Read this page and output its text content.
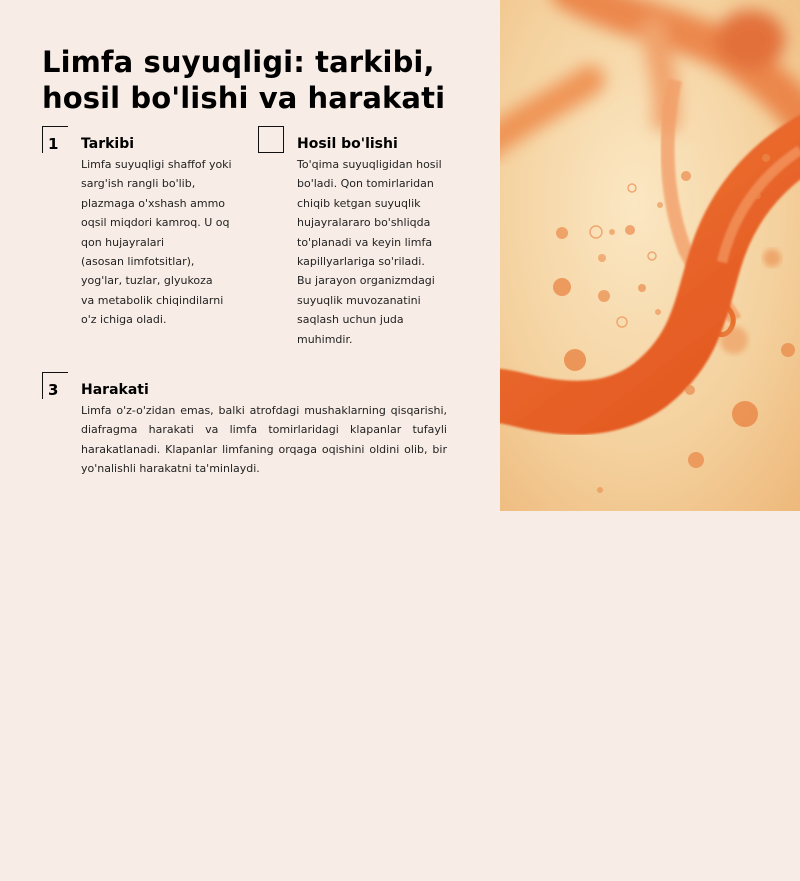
Limfa suyuqligi: tarkibi,
hosil bo'lishi va harakati
1 Tarkibi

Limfa suyuqligi shaffof yoki
sarg'ish rangli bo'lib,
plazmaga o'xshash ammo
oqsil miqdori kamroq. U oq
qon hujayralari
(asosan limfotsitlar),
yog'lar, tuzlar, glyukoza
va metabolik chiqindilarni
o'z ichiga oladi.

Hosil bo'lishi

To'qima suyuqligidan hosil
bo'ladi. Qon tomirlaridan
chiqib ketgan suyuqlik
hujayralararo bo'shliqda
to'planadi va keyin limfa
kapillyarlariga so'riladi.
Bu jarayon organizmdagi
suyuqlik muvozanatini
saqlash uchun juda
muhimdir.

3 Harakati

Limfa o'z-o'zidan emas, balki atrofdagi mushaklarning qisqarishi,
diafragma harakati va limfa tomirlaridagi klapanlar tufayli
harakatlanadi. Klapanlar limfaning orqaga oqishini oldini olib, bir
yo'nalishli harakatni ta'minlaydi.
